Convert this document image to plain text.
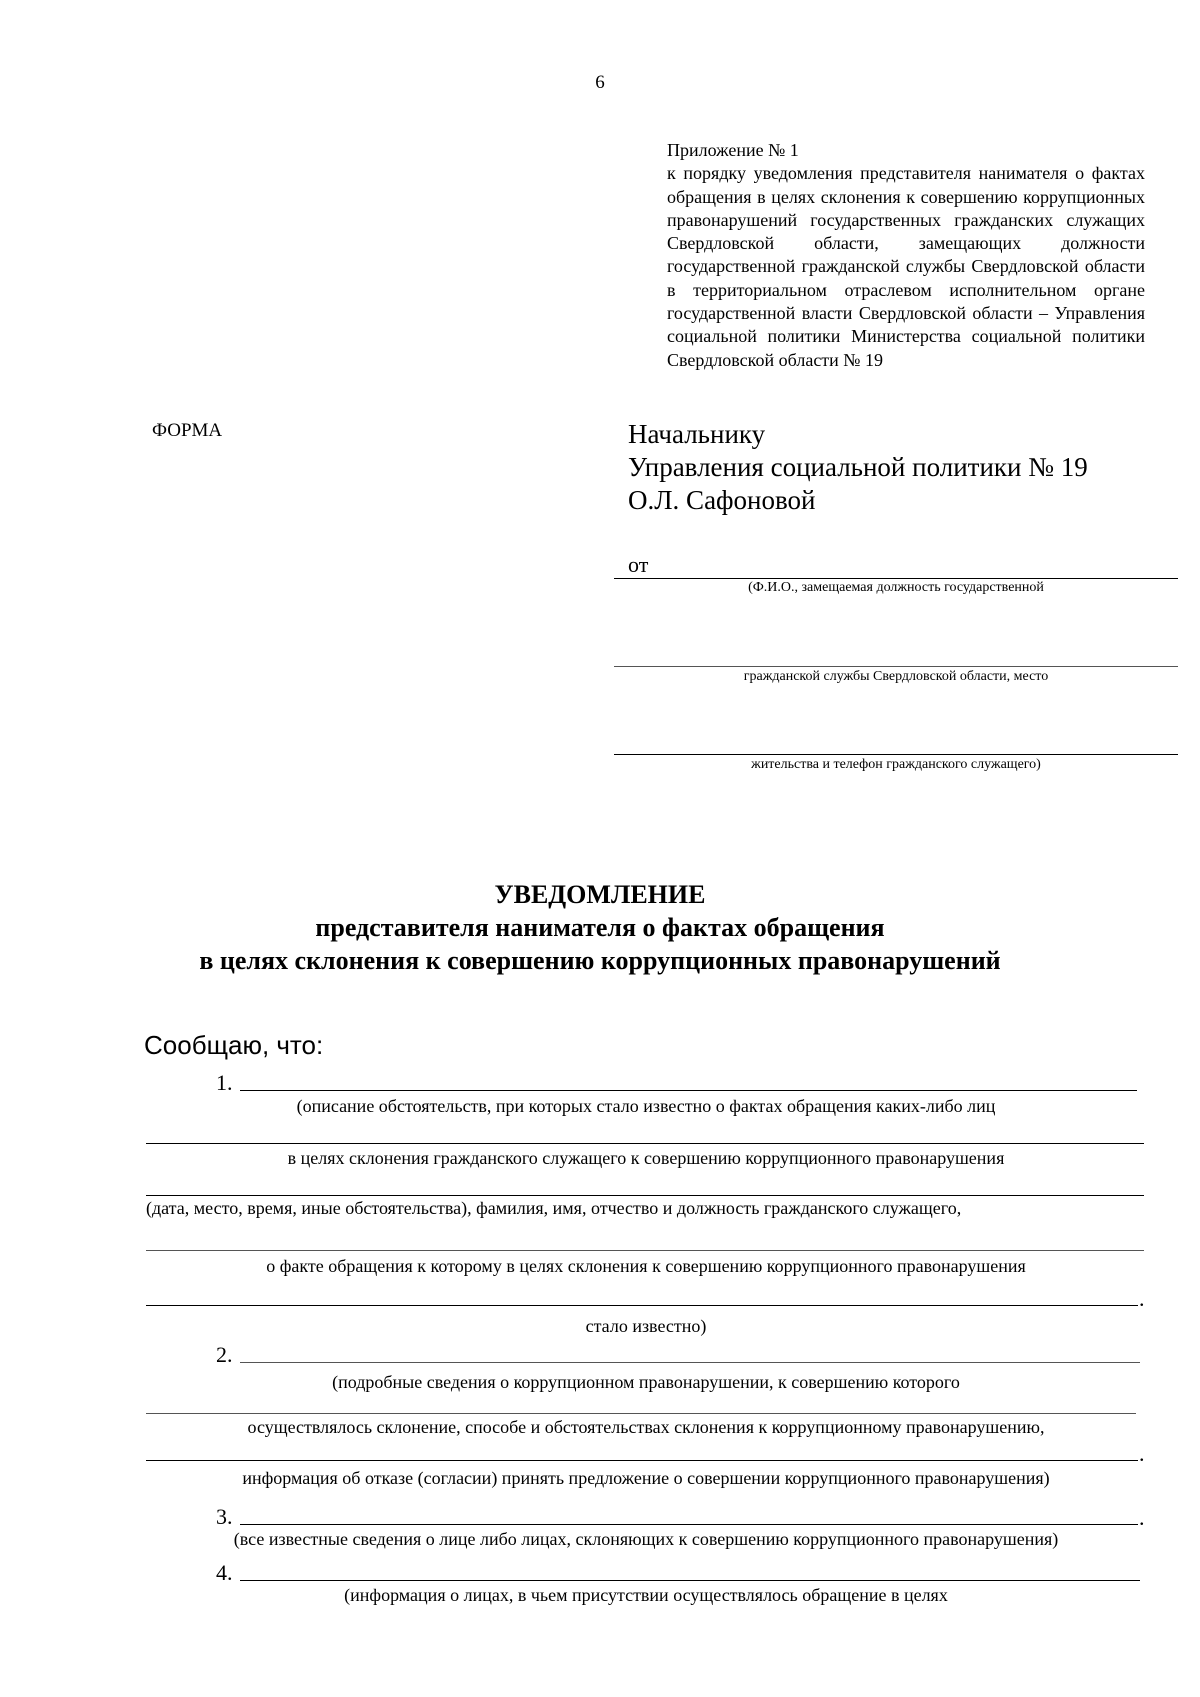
6
Приложение № 1
к порядку уведомления представителя нанимателя о фактах обращения в целях склонения к совершению коррупционных правонарушений государственных гражданских служащих Свердловской области, замещающих должности государственной гражданской службы Свердловской области в территориальном отраслевом исполнительном органе государственной власти Свердловской области – Управления социальной политики Министерства социальной политики Свердловской области № 19
ФОРМА	Начальнику
Управления социальной политики № 19
О.Л. Сафоновой
от
(Ф.И.О., замещаемая должность государственной
гражданской службы Свердловской области, место
жительства и телефон гражданского служащего)
УВЕДОМЛЕНИЕ
представителя нанимателя о фактах обращения
в целях склонения к совершению коррупционных правонарушений
Сообщаю, что:
1.
(описание обстоятельств, при которых стало известно о фактах обращения каких-либо лиц
в целях склонения гражданского служащего к совершению коррупционного правонарушения
(дата, место, время, иные обстоятельства), фамилия, имя, отчество и должность гражданского служащего,
о факте обращения к которому в целях склонения к совершению коррупционного правонарушения
.
стало известно)
2.
(подробные сведения о коррупционном правонарушении, к совершению которого
осуществлялось склонение, способе и обстоятельствах склонения к коррупционному правонарушению,
.
информация об отказе (согласии) принять предложение о совершении коррупционного правонарушения)
3.	.
(все известные сведения о лице либо лицах, склоняющих к совершению коррупционного правонарушения)
4.
(информация о лицах, в чьем присутствии осуществлялось обращение в целях
